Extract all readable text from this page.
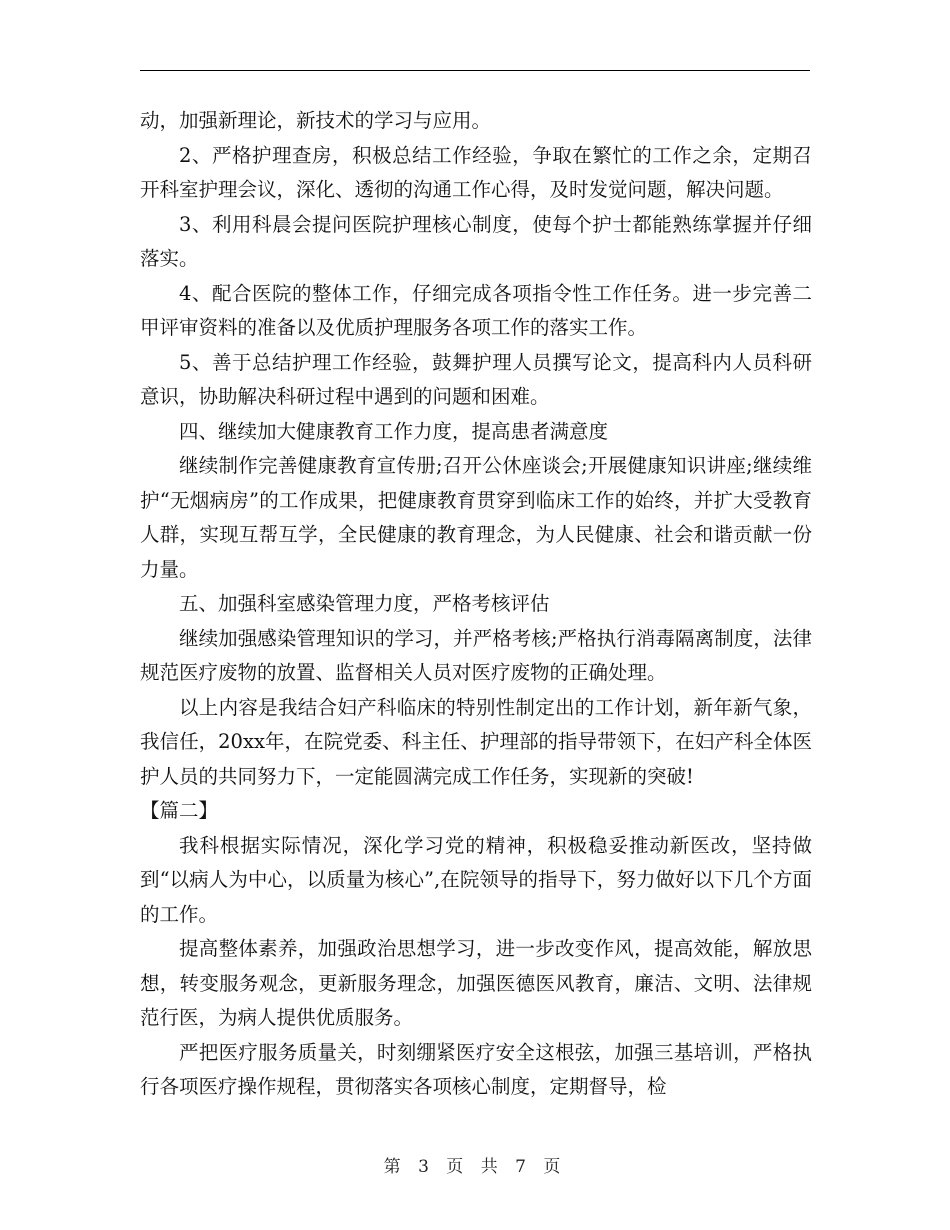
动，加强新理论，新技术的学习与应用。

2、严格护理查房，积极总结工作经验，争取在繁忙的工作之余，定期召开科室护理会议，深化、透彻的沟通工作心得，及时发觉问题，解决问题。

3、利用科晨会提问医院护理核心制度，使每个护士都能熟练掌握并仔细落实。

4、配合医院的整体工作，仔细完成各项指令性工作任务。进一步完善二甲评审资料的准备以及优质护理服务各项工作的落实工作。

5、善于总结护理工作经验，鼓舞护理人员撰写论文，提高科内人员科研意识，协助解决科研过程中遇到的问题和困难。

四、继续加大健康教育工作力度，提高患者满意度

继续制作完善健康教育宣传册;召开公休座谈会;开展健康知识讲座;继续维护“无烟病房”的工作成果，把健康教育贯穿到临床工作的始终，并扩大受教育人群，实现互帮互学，全民健康的教育理念，为人民健康、社会和谐贡献一份力量。

五、加强科室感染管理力度，严格考核评估

继续加强感染管理知识的学习，并严格考核;严格执行消毒隔离制度，法律规范医疗废物的放置、监督相关人员对医疗废物的正确处理。

以上内容是我结合妇产科临床的特别性制定出的工作计划，新年新气象，我信任，20xx年，在院党委、科主任、护理部的指导带领下，在妇产科全体医护人员的共同努力下，一定能圆满完成工作任务，实现新的突破!

【篇二】

我科根据实际情况，深化学习党的精神，积极稳妥推动新医改，坚持做到“以病人为中心，以质量为核心”,在院领导的指导下，努力做好以下几个方面的工作。

提高整体素养，加强政治思想学习，进一步改变作风，提高效能，解放思想，转变服务观念，更新服务理念，加强医德医风教育，廉洁、文明、法律规范行医，为病人提供优质服务。

严把医疗服务质量关，时刻绷紧医疗安全这根弦，加强三基培训，严格执行各项医疗操作规程，贯彻落实各项核心制度，定期督导，检

第 3 页 共 7 页
